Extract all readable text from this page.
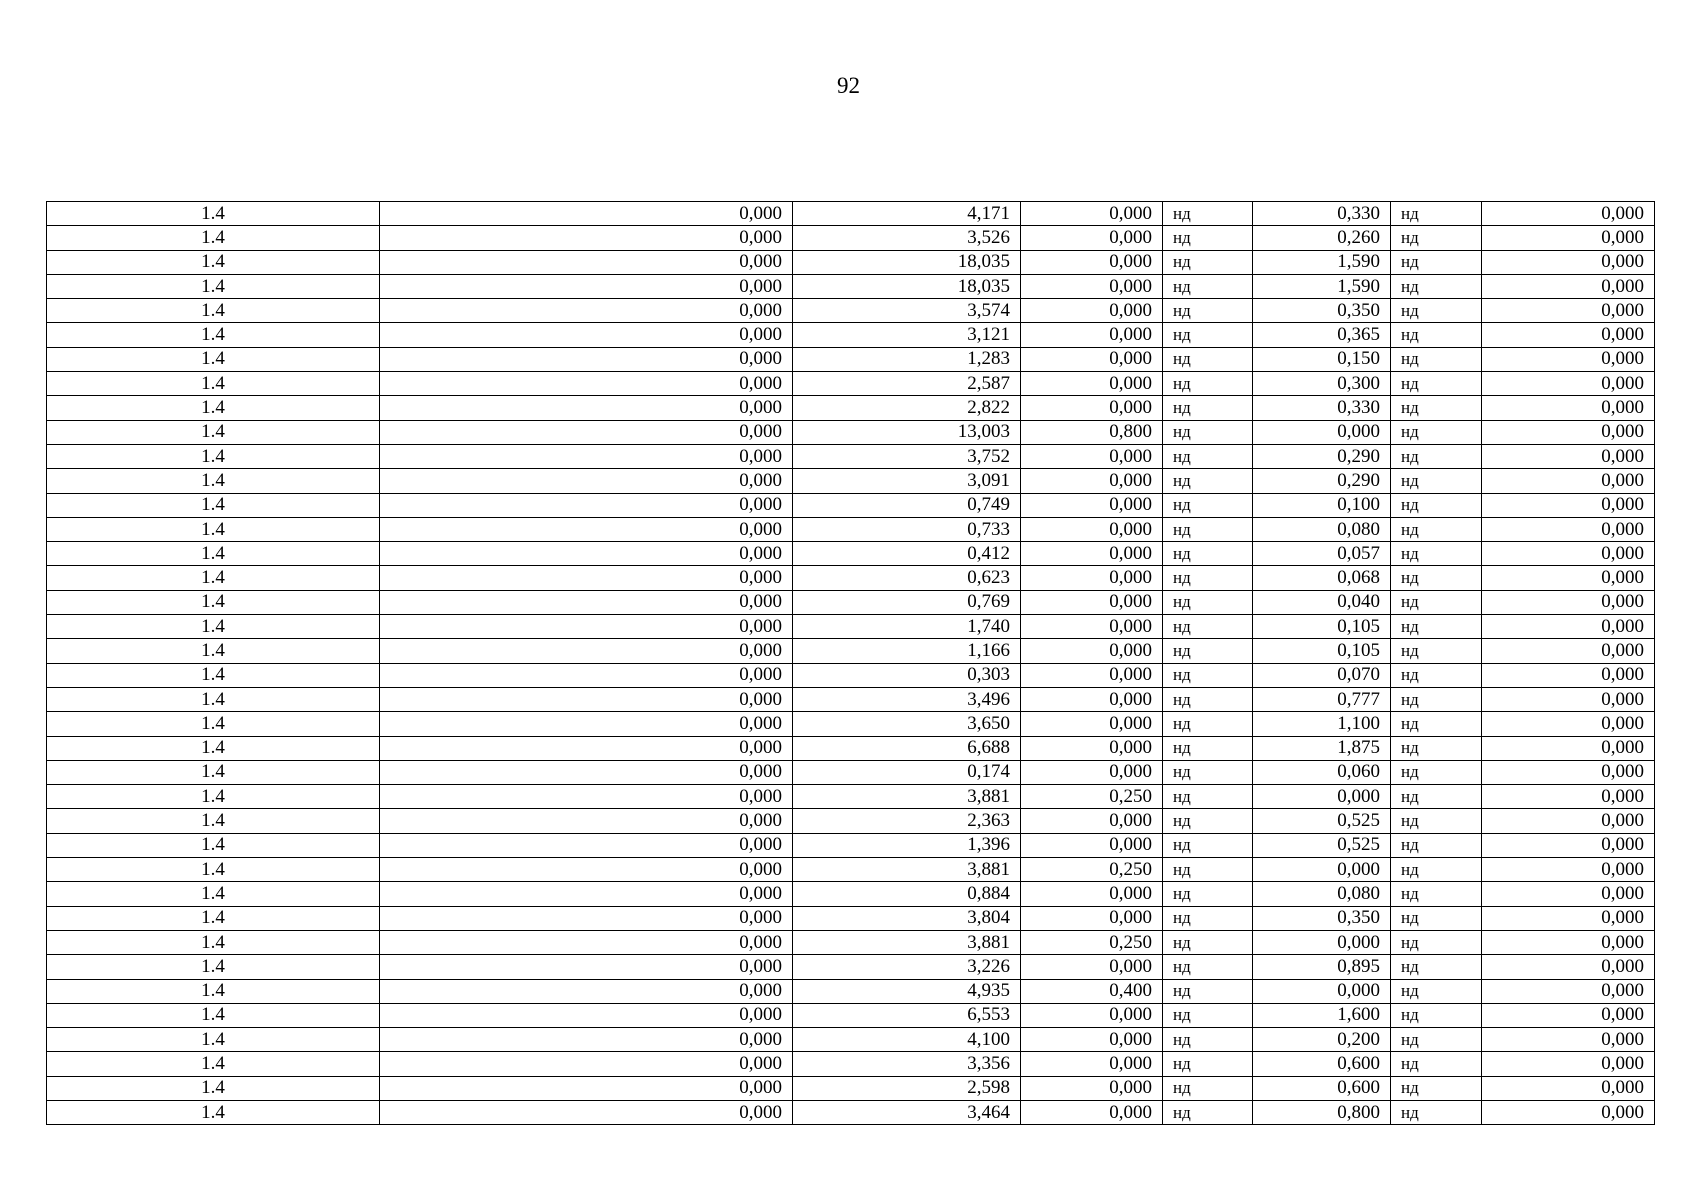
92
1.4	0,000	4,171	0,000	нд	0,330	нд	0,000
1.4	0,000	3,526	0,000	нд	0,260	нд	0,000
1.4	0,000	18,035	0,000	нд	1,590	нд	0,000
1.4	0,000	18,035	0,000	нд	1,590	нд	0,000
1.4	0,000	3,574	0,000	нд	0,350	нд	0,000
1.4	0,000	3,121	0,000	нд	0,365	нд	0,000
1.4	0,000	1,283	0,000	нд	0,150	нд	0,000
1.4	0,000	2,587	0,000	нд	0,300	нд	0,000
1.4	0,000	2,822	0,000	нд	0,330	нд	0,000
1.4	0,000	13,003	0,800	нд	0,000	нд	0,000
1.4	0,000	3,752	0,000	нд	0,290	нд	0,000
1.4	0,000	3,091	0,000	нд	0,290	нд	0,000
1.4	0,000	0,749	0,000	нд	0,100	нд	0,000
1.4	0,000	0,733	0,000	нд	0,080	нд	0,000
1.4	0,000	0,412	0,000	нд	0,057	нд	0,000
1.4	0,000	0,623	0,000	нд	0,068	нд	0,000
1.4	0,000	0,769	0,000	нд	0,040	нд	0,000
1.4	0,000	1,740	0,000	нд	0,105	нд	0,000
1.4	0,000	1,166	0,000	нд	0,105	нд	0,000
1.4	0,000	0,303	0,000	нд	0,070	нд	0,000
1.4	0,000	3,496	0,000	нд	0,777	нд	0,000
1.4	0,000	3,650	0,000	нд	1,100	нд	0,000
1.4	0,000	6,688	0,000	нд	1,875	нд	0,000
1.4	0,000	0,174	0,000	нд	0,060	нд	0,000
1.4	0,000	3,881	0,250	нд	0,000	нд	0,000
1.4	0,000	2,363	0,000	нд	0,525	нд	0,000
1.4	0,000	1,396	0,000	нд	0,525	нд	0,000
1.4	0,000	3,881	0,250	нд	0,000	нд	0,000
1.4	0,000	0,884	0,000	нд	0,080	нд	0,000
1.4	0,000	3,804	0,000	нд	0,350	нд	0,000
1.4	0,000	3,881	0,250	нд	0,000	нд	0,000
1.4	0,000	3,226	0,000	нд	0,895	нд	0,000
1.4	0,000	4,935	0,400	нд	0,000	нд	0,000
1.4	0,000	6,553	0,000	нд	1,600	нд	0,000
1.4	0,000	4,100	0,000	нд	0,200	нд	0,000
1.4	0,000	3,356	0,000	нд	0,600	нд	0,000
1.4	0,000	2,598	0,000	нд	0,600	нд	0,000
1.4	0,000	3,464	0,000	нд	0,800	нд	0,000
